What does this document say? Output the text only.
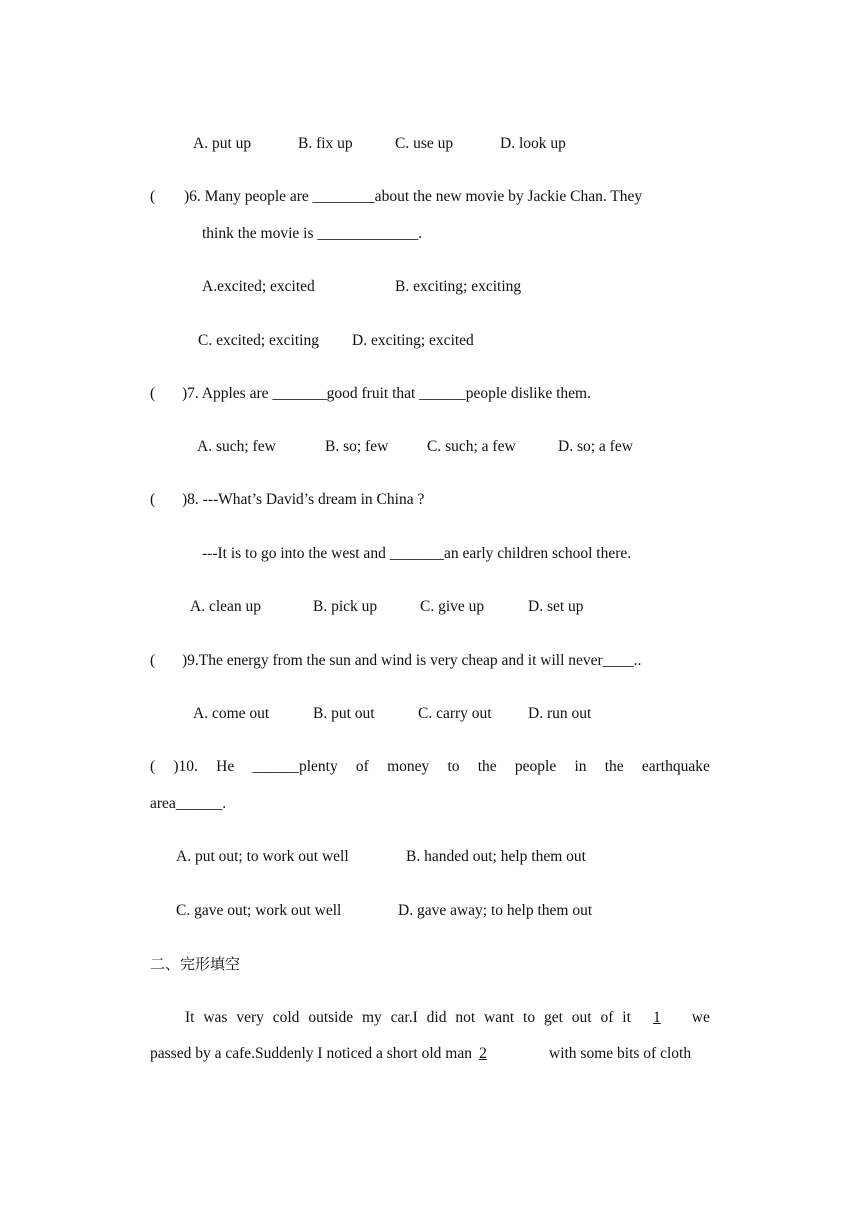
A. put up	B. fix up	C. use up	D. look up
( )6. Many people are ________about the new movie by Jackie Chan. They
think the movie is _____________.
A.excited; excited	B. exciting; exciting
C. excited; exciting D. exciting; excited
( )7. Apples are _______good fruit that ______people dislike them.
A. such; few	B. so; few C. such; a few	D. so; a few
( )8. ---What’s David’s dream in China ?
---It is to go into the west and _______an early children school there.
A. clean up	B. pick up	C. give up	D. set up
( )9.The energy from the sun and wind is very cheap and it will never____..
A. come out	B. put out	C. carry out D. run out
( )10. He ______plenty of money to the people in the earthquake
area______.
A. put out; to work out well	B. handed out; help them out
C. gave out; work out well	D. gave away; to help them out
二、完形填空
It was very cold outside my car.I did not want to get out of it	1	we
passed by a cafe.Suddenly I noticed a short old man 2	with some bits of cloth
